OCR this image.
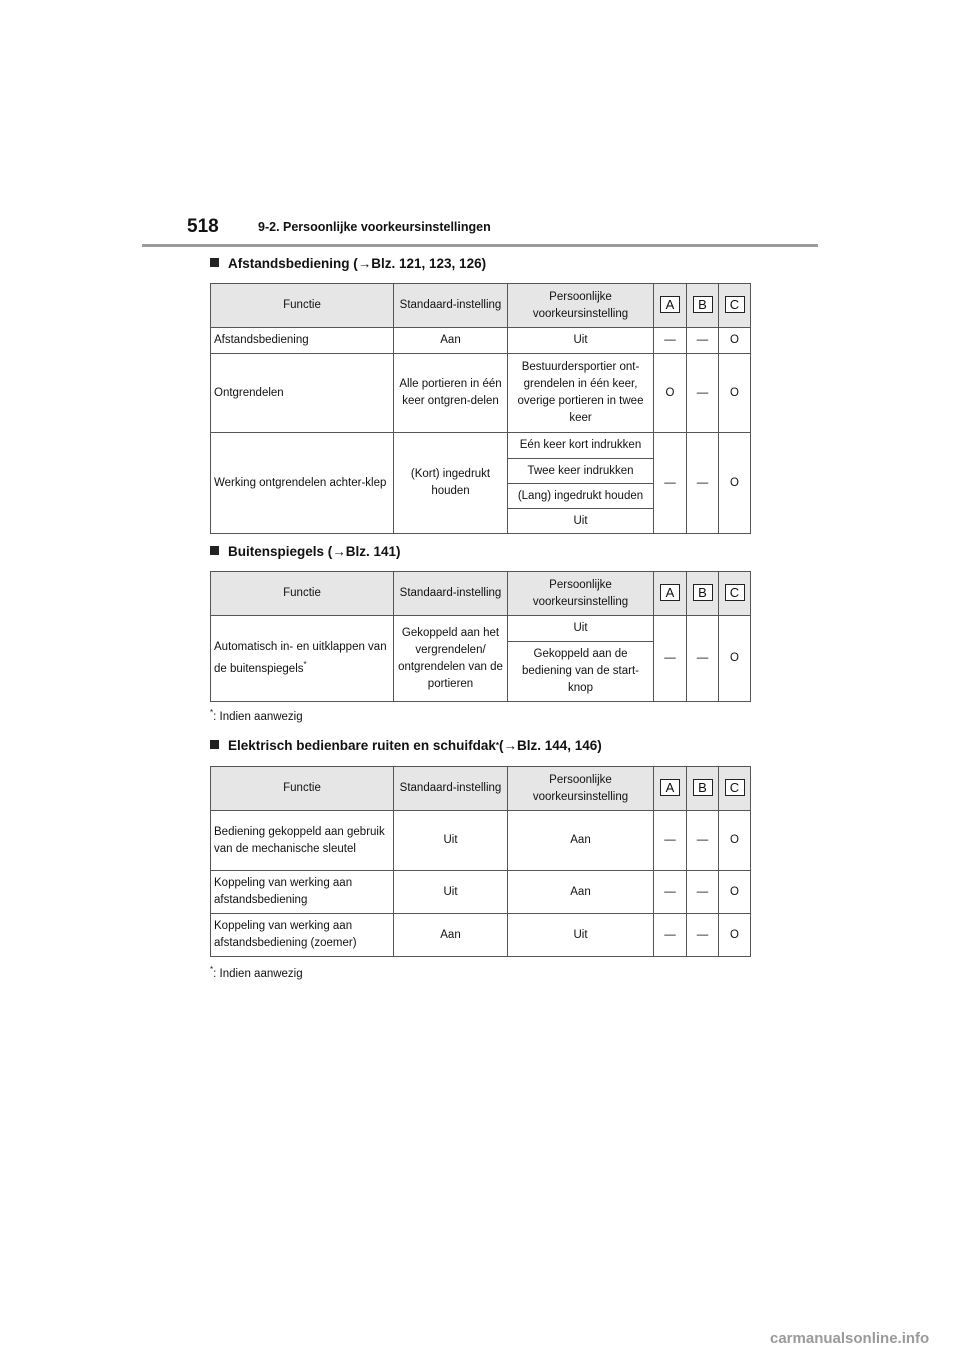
518	9-2. Persoonlijke voorkeursinstellingen
Afstandsbediening (→Blz. 121, 123, 126)
Functie	Standaard-instelling	Persoonlijke voorkeursinstelling	A	B	C
Afstandsbediening	Aan	Uit	—	—	O
Ontgrendelen	Alle portieren in één keer ontgren-delen	Bestuurdersportier ont-grendelen in één keer, overige portieren in twee keer	O	—	O
Werking ontgrendelen achter-klep	(Kort) ingedrukt houden	Eén keer kort indrukken	—	—	O
		Twee keer indrukken			
		(Lang) ingedrukt houden			
		Uit			
Buitenspiegels (→Blz. 141)
Functie	Standaard-instelling	Persoonlijke voorkeursinstelling	A	B	C
Automatisch in- en uitklappen van de buitenspiegels*	Gekoppeld aan het vergrendelen/ ontgrendelen van de portieren	Uit	—	—	O
		Gekoppeld aan de bediening van de start-knop			
*: Indien aanwezig
Elektrisch bedienbare ruiten en schuifdak* (→Blz. 144, 146)
Functie	Standaard-instelling	Persoonlijke voorkeursinstelling	A	B	C
Bediening gekoppeld aan gebruik van de mechanische sleutel	Uit	Aan	—	—	O
Koppeling van werking aan afstandsbediening	Uit	Aan	—	—	O
Koppeling van werking aan afstandsbediening (zoemer)	Aan	Uit	—	—	O
*: Indien aanwezig
carmanualsonline.info
